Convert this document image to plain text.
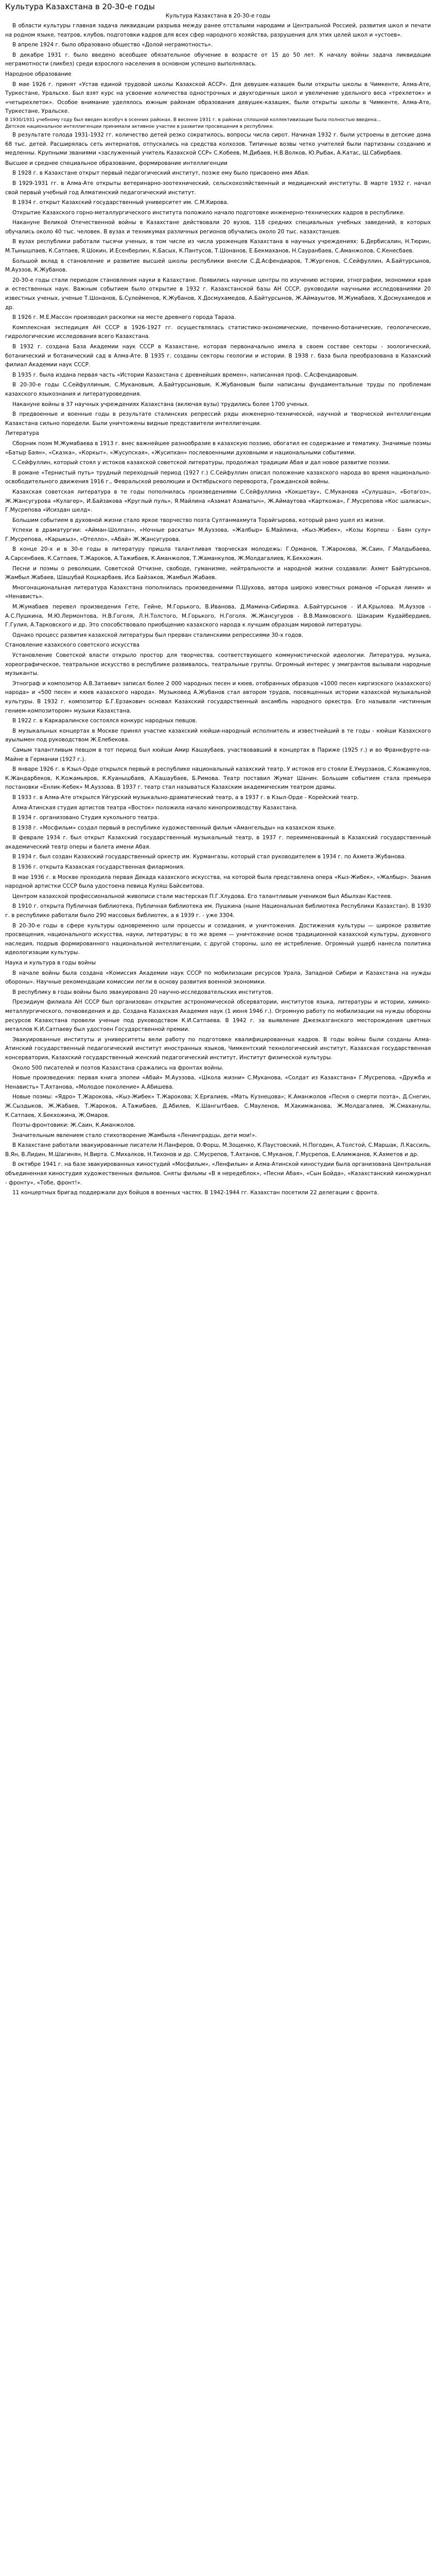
Культура Казахстана в 20-30-е годы
Культура Казахстана в 20-30-е годы
В области культуры главная задача ликвидации разрыва между ранее отсталыми народами и Центральной Россией, развития школ и печати на родном языке, театров, клубов, подготовки кадров для всех сфер народного хозяйства, разрушения для этих целей школ и «устоев».
В апреле 1924 г. было образовано общество «Долой неграмотность».
В декабре 1931 г. было введено всеобщее обязательное обучение в возрасте от 15 до 50 лет. К началу войны задача ликвидации неграмотности (ликбез) среди взрослого населения в основном успешно выполнялась.
Народное образование
В мае 1926 г. принят «Устав единой трудовой школы Казахской АССР». Для девушек-казашек были открыты школы в Чимкенте, Алма-Ате, Туркестане, Уральске. Был взят курс на усвоение количества однострочных и двухгодичных школ и увеличение удельного веса «трехлеток» и «четырехлеток». Особое внимание уделялось южным районам образования девушек-казашек, были открыты школы в Чимкенте, Алма-Ате, Туркестане, Уральске.
В 1930/1931 учебному году был введен всеобуч в осенних районах. В весенне 1931 г. в районах сплошной коллективизации была полностью введена...
Детское национальное интеллигенции принимали активное участие в развитии просвещения в республике.
В результате голода 1931-1932 гг. количество детей резко сократилось, вопросы числа сирот. Начиная 1932 г. были устроены в детские дома 68 тыс. детей. Расширялась сеть интернатов, отпускались на средства колхозов. Типичные возвы четко учителей были партизаны созданию и медленны. Крупными званиями «заслуженный учитель Казахской ССР» С.Кобеев, М.Дибаев, Н.В.Волков, Ю.Рыбак, А.Катас, Ш.Сабирбаев.
Высшее и среднее специальное образование, формирование интеллигенции
В 1928 г. в Казахстане открыт первый педагогический институт, позже ему было присвоено имя Абая.
В 1929-1931 гг. в Алма-Ате открыты ветеринарно-зоотехнический, сельскохозяйственный и медицинский институты. В марте 1932 г. начал свой первый учебный год Алматинский педагогический институт.
В 1934 г. открыт Казахский государственный университет им. С.М.Кирова.
Открытие Казахского горно-металлургического института положило начало подготовке инженерно-технических кадров в республике.
Накануне Великой Отечественной войны в Казахстане действовали 20 вузов, 118 средних специальных учебных заведений, в которых обучались около 40 тыс. человек. В вузах и техникумах различных регионов обучались около 20 тыс. казахстанцев.
В вузах республики работали тысячи ученых, в том числе из числа уроженцев Казахстана в научных учреждениях: Б.Дербисалин, Н.Тюрин, М.Тынышпаев, К.Сатпаев, Я.Шокин, И.Есенберлин, К.Басых, К.Пантусов, Т.Шонанов, Е.Бекмаханов, Н.Сауранбаев, С.Аманжолов, С.Кенесбаев.
Большой вклад в становление и развитие высшей школы республики внесли С.Д.Асфендиаров, Т.Жургенов, С.Сейфуллин, А.Байтурсынов, М.Ауэзов, К.Жубанов.
20-30-е годы стали периодом становления науки в Казахстане. Появились научные центры по изучению истории, этнографии, экономики края и естественных наук. Важным событием было открытие в 1932 г. Казахстанской базы АН СССР, руководили научными исследованиями 20 известных ученых, ученые Т.Шонанов, Б.Сулейменов, К.Жубанов, Х.Досмухамедов, А.Байтурсынов, Ж.Аймауытов, М.Жумабаев, Х.Досмухамедов и др.
В 1926 г. М.Е.Массон производил раскопки на месте древнего города Тараза.
Комплексная экспедиция АН СССР в 1926-1927 гг. осуществлялась статистико-экономические, почвенно-ботанические, геологические, гидрологические исследования всего Казахстана.
В 1932 г. создана База Академии наук СССР в Казахстане, которая первоначально имела в своем составе секторы - зоологический, ботанический и ботанический сад в Алма-Ате. В 1935 г. созданы секторы геологии и истории. В 1938 г. база была преобразована в Казахский филиал Академии наук СССР.
В 1935 г. была издана первая часть «Истории Казахстана с древнейших времен», написанная проф. С.Асфендиаровым.
В 20-30-е годы С.Сейфуллиным, С.Мукановым, А.Байтурсыновым, К.Жубановым были написаны фундаментальные труды по проблемам казахского языкознания и литературоведения.
Накануне войны в 37 научных учреждениях Казахстана (включая вузы) трудились более 1700 ученых.
В предвоенные и военные годы в результате сталинских репрессий ряды инженерно-технической, научной и творческой интеллигенции Казахстана сильно поредели. Были уничтожены видные представители интеллигенции.
Литература
Сборник поэм М.Жумабаева в 1913 г. внес важнейшее разнообразие в казахскую поэзию, обогатил ее содержание и тематику. Значимые поэмы «Батыр Баян», «Сказка», «Коркыт», «Жусупская», «Жусипхан» послевоенными духовными и национальными событиями.
С.Сейфуллин, который стоял у истоков казахской советской литературы, продолжал традиции Абая и дал новое развитие поэзии.
В романе «Тернистый путь» трудный переходный период (1927 г.) С.Сейфуллин описал положение казахского народа во время национально-освободительного движения 1916 г., Февральской революции и Октябрьского переворота, Гражданской войны.
Казахская советская литература в те годы пополнилась произведениями С.Сейфуллина «Кокшетау», С.Муканова «Сулушаш», «Ботагоз», Ж.Жансугурова «Кулагер», И.Байзакова «Круглый пуль», Я.Майлина «Азамат Азаматыч», Ж.Аймаутова «Карткожа», Г.Мусрепова «Кос шалкасы», Г.Мусрепова «Исиздан шелд».
Большим событием в духовной жизни стало яркое творчество поэта Султанмахмута Торайгырова, который рано ушел из жизни.
Успехи в драматургии: «Айман-Шолпан», «Ночные раскаты» М.Ауэзова, «Жалбыр» Б.Майлина, «Кыз-Жибек», «Козы Корпеш - Баян сулу» Г.Мусрепова, «Карыкыз», «Отелло», «Абай» Ж.Жансугурова.
В конце 20-х и в 30-е годы в литературу пришла талантливая творческая молодежь: Г.Орманов, Т.Жарокова, Ж.Саин, Г.Малдыбаева, А.Сарсенбаев, К.Сатпаев, Т.Жароков, А.Тажибаев, К.Аманжолов, Т.Жаманкулов, Ж.Молдагалиев, К.Бекхожин.
Песни и поэмы о революции, Советской Отчизне, свободе, гуманизме, нейтральности и народной жизни создавали: Ахмет Байтурсынов, Жамбыл Жабаев, Шашубай Кошкарбаев, Иса Байзаков, Жамбыл Жабаев.
Многонациональная литература Казахстана пополнилась произведениями П.Шухова, автора широко известных романов «Горькая линия» и «Ненависть».
М.Жумабаев перевел произведения Гете, Гейне, М.Горького, В.Иванова, Д.Мамина-Сибиряка. А.Байтурсынов - И.А.Крылова. М.Ауэзов - А.С.Пушкина, М.Ю.Лермонтова, Н.В.Гоголя, Л.Н.Толстого, М.Горького, Н.Гоголя. Ж.Жансугуров - В.В.Маяковского. Шакарим Кудайбердиев, Г.Гулия, А.Тарковского и др. Это способствовало приобщению казахского народа к лучшим образцам мировой литературы.
Однако процесс развития казахской литературы был прерван сталинскими репрессиями 30-х годов.
Становление казахского советского искусства
Установление Советской власти открыло простор для творчества, соответствующего коммунистической идеологии. Литература, музыка, хореографическое, театральное искусство в республике развивалось, театральные группы. Огромный интерес у эмигрантов вызывали народные музыканты.
Этнограф и композитор А.В.Затаевич записал более 2 000 народных песен и кюев, отобранных образцов «1000 песен киргизского (казахского) народа» и «500 песен и кюев казахского народа». Музыковед А.Жубанов стал автором трудов, посвященных истории казахской музыкальной культуры. В 1932 г. композитор Б.Г.Ерзакович основал Казахский государственный ансамбль народного оркестра. Его называли «истинным гением-композитором» музыки Казахстана.
В 1922 г. в Каркаралинске состоялся конкурс народных певцов.
В музыкальных концертах в Москве принял участие казахский кюйши-народный исполнитель и известнейший в те годы - кюйши Казахского ауылымен под руководством Ж.Елебекова.
Самым талантливым певцом в тот период был кюйши Амир Кашаубаев, участвовавший в концертах в Париже (1925 г.) и во Франкфурте-на-Майне в Германии (1927 г.).
В январе 1926 г. в Кзыл-Орде открылся первый в республике национальный казахский театр. У истоков его стояли Е.Умурзаков, С.Кожамкулов, К.Жандарбеков, К.Кожамьяров, К.Куанышбаев, А.Кашаубаев, Б.Римова. Театр поставил Жумат Шанин. Большим событием стала премьера постановки «Енлик-Кебек» М.Ауэзова. В 1937 г. театр стал называться Казахским академическим театром драмы.
В 1933 г. в Алма-Ате открылся Уйгурский музыкально-драматический театр, а в 1937 г. в Кзыл-Орде - Корейский театр.
Алма-Атинская студия артистов театра «Восток» положила начало кинопроизводству Казахстана.
В 1934 г. организовано Студия кукольного театра.
В 1938 г. «Мосфильм» создал первый в республике художественный фильм «Амангельды» на казахском языке.
В феврале 1934 г. был открыт Казахский государственный музыкальный театр, в 1937 г. переименованный в Казахский государственный академический театр оперы и балета имени Абая.
В 1934 г. был создан Казахский государственный оркестр им. Курмангазы, который стал руководителем в 1934 г. по Ахмета Жубанова.
В 1936 г. открыта Казахская государственная филармония.
В мае 1936 г. в Москве проходила первая Декада казахского искусства, на которой была представлена опера «Кыз-Жибек», «Жалбыр». Звания народной артистки СССР была удостоена певица Куляш Байсеитова.
Центром казахской профессиональной живописи стали мастерская П.Г.Хлудова. Его талантливым учеником был Абылхан Кастеев.
В 1910 г. открыта Публичная библиотека, Публичная библиотека им. Пушкина (ныне Национальная библиотека Республики Казахстан). В 1930 г. в республике работали было 290 массовых библиотек, а в 1939 г. - уже 3304.
В 20-30-е годы в сфере культуры одновременно шли процессы и созидания, и уничтожения. Достижения культуры — широкое развитие просвещения, национального искусства, науки, литературы; в то же время — уничтожение основ традиционной казахской культуры, духовного наследия, подрыв формированного национальной интеллигенции, с другой стороны, шло ее истребление. Огромный ущерб нанесла политика идеологизации культуры.
Наука и культура в годы войны
В начале войны была создана «Комиссия Академии наук СССР по мобилизации ресурсов Урала, Западной Сибири и Казахстана на нужды обороны». Научные рекомендации комиссии легли в основу развития военной экономики.
В республику в годы войны было эвакуировано 20 научно-исследовательских институтов.
Президиум филиала АН СССР был организован открытие астрономической обсерватории, институтов языка, литературы и истории, химико-металлургического, почвоведения и др. Создана Казахская Академия наук (1 июня 1946 г.). Огромную работу по мобилизации на нужды обороны ресурсов Казахстана провели ученые под руководством К.И.Сатпаева. В 1942 г. за выявление Джезказганского месторождения цветных металлов К.И.Сатпаеву был удостоен Государственной премии.
Эвакуированные институты и университеты вели работу по подготовке квалифицированных кадров. В годы войны были созданы Алма-Атинский государственный педагогический институт иностранных языков, Чимкентский технологический институт, Казахская государственная консерватория, Казахский государственный женский педагогический институт, Институт физической культуры.
Около 500 писателей и поэтов Казахстана сражались на фронтах войны.
Новые произведения: первая книга эпопеи «Абай» М.Ауэзова, «Школа жизни» С.Муканова, «Солдат из Казахстана» Г.Мусрепова, «Дружба и Ненависть» Т.Ахтанова, «Молодое поколение» А.Абишева.
Новые поэмы: «Ядро» Т.Жарокова, «Кыз-Жибек» Т.Жарокова; Х.Ерғалиев, «Мать Кузнецова»; К.Аманжолов «Песня о смерти поэта», Д.Снегин, Ж.Сыздыков, Ж.Жабаев, Т.Жароков, А.Тажибаев, Д.Абилев, К.Шангытбаев, С.Мауленов, М.Хакимжанова, Ж.Молдагалиев, Ж.Смаханулы, К.Сатпаев, Х.Бекхожина, Ж.Омаров.
Поэты-фронтовики: Ж.Саин, К.Аманжолов.
Значительным явлением стало стихотворение Жамбыла «Ленинградцы, дети мои!».
В Казахстане работали эвакуированные писатели Н.Панферов, О.Форш, М.Зощенко, К.Паустовский, Н.Погодин, А.Толстой, С.Маршак, Л.Кассиль, В.Ян, В.Лидин, М.Шагинян, Н.Вирта. С.Михалков, Н.Тихонов и др. С.Мусрепов, Т.Ахтанов, С.Муканов, Г.Мусрепов, Е.Алимжанов, К.Ахметов и др.
В октябре 1941 г. на базе эвакуированных киностудий «Мосфильм», «Ленфильм» и Алма-Атинской киностудии была организована Центральная объединенная киностудия художественных фильмов. Сняты фильмы «В я нередеблок», «Песни Абая», «Сын Бойда», «Казахстанский киножурнал - фронту», «Тобе, фронт!».
11 концертных бригад поддержали дух бойцов в военных частях. В 1942-1944 гг. Казахстан посетили 22 делегации с фронта.
